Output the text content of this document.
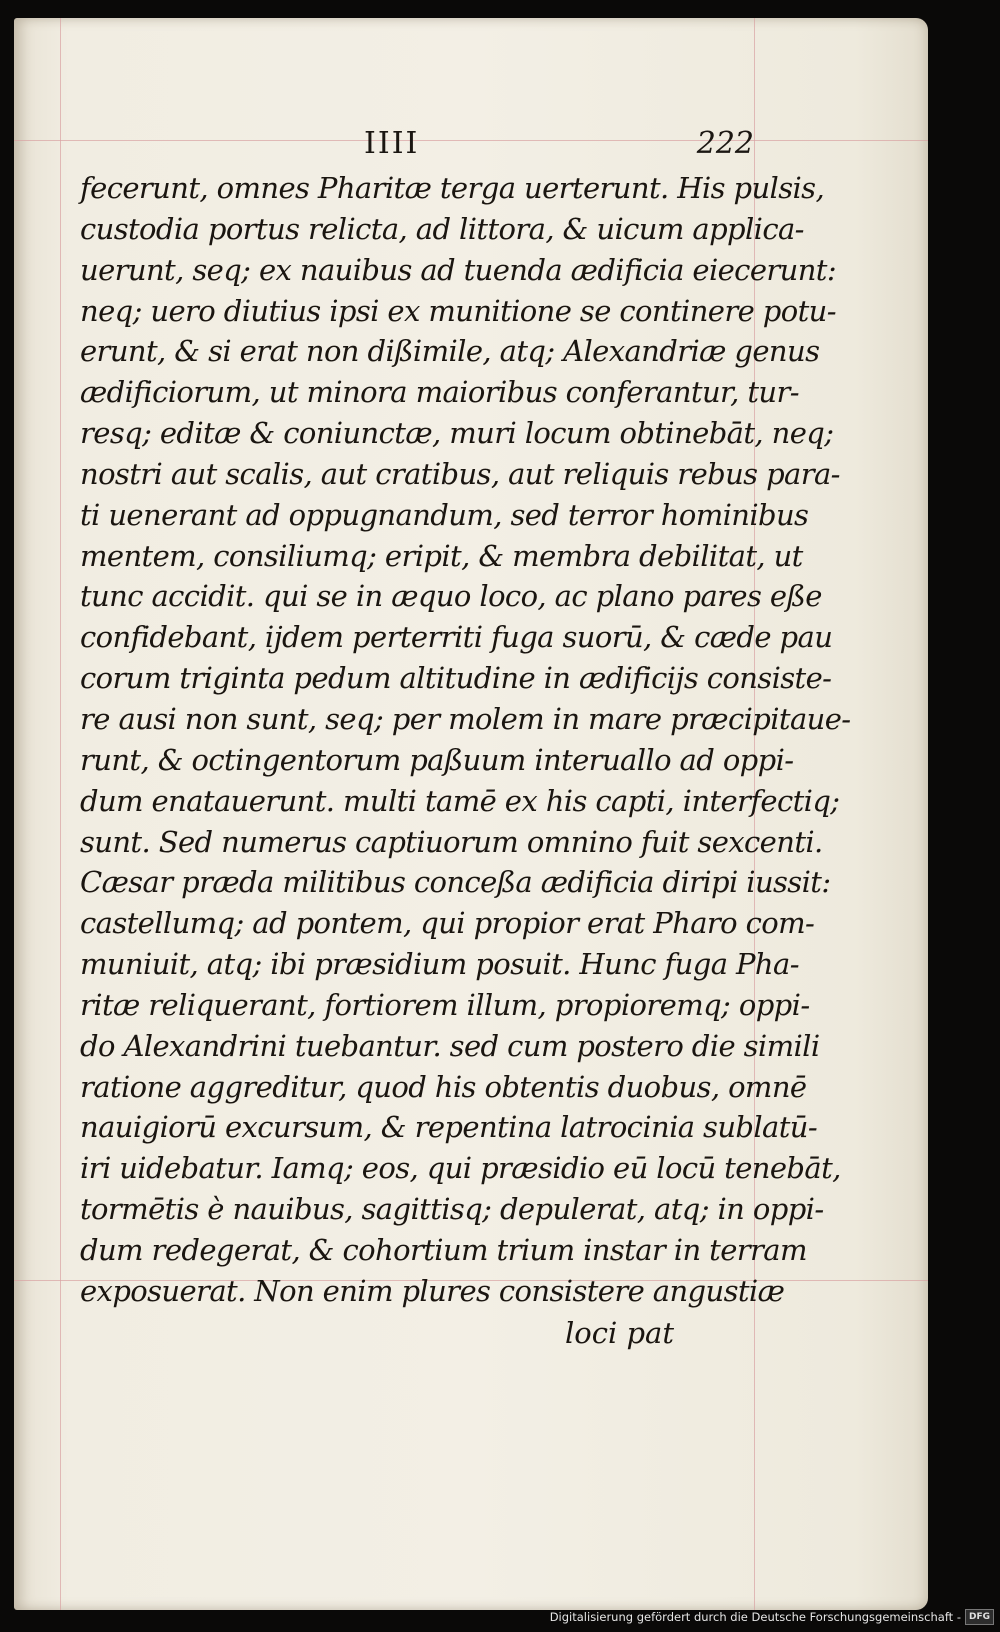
IIII	222
fecerunt, omnes Pharitæ terga uerterunt. His pulsis,
custodia portus relicta, ad littora, & uicum applica-
uerunt, seq; ex nauibus ad tuenda ædificia eiecerunt:
neq; uero diutius ipsi ex munitione se continere potu-
erunt, & si erat non dißimile, atq; Alexandriæ genus
ædificiorum, ut minora maioribus conferantur, tur-
resq; editæ & coniunctæ, muri locum obtinebāt, neq;
nostri aut scalis, aut cratibus, aut reliquis rebus para-
ti uenerant ad oppugnandum, sed terror hominibus
mentem, consiliumq; eripit, & membra debilitat, ut
tunc accidit. qui se in æquo loco, ac plano pares eße
confidebant, ijdem perterriti fuga suorū, & cæde pau
corum triginta pedum altitudine in ædificijs consiste-
re ausi non sunt, seq; per molem in mare præcipitaue-
runt, & octingentorum paßuum interuallo ad oppi-
dum enatauerunt. multi tamē ex his capti, interfectiq;
sunt. Sed numerus captiuorum omnino fuit sexcenti.
Cæsar præda militibus conceßa ædificia diripi iussit:
castellumq; ad pontem, qui propior erat Pharo com-
muniuit, atq; ibi præsidium posuit. Hunc fuga Pha-
ritæ reliquerant, fortiorem illum, propioremq; oppi-
do Alexandrini tuebantur. sed cum postero die simili
ratione aggreditur, quod his obtentis duobus, omnē
nauigiorū excursum, & repentina latrocinia sublatū-
iri uidebatur. Iamq; eos, qui præsidio eū locū tenebāt,
tormētis è nauibus, sagittisq; depulerat, atq; in oppi-
dum redegerat, & cohortium trium instar in terram
exposuerat. Non enim plures consistere angustiæ
loci pat
Digitalisierung gefördert durch die Deutsche Forschungsgemeinschaft - DFG
